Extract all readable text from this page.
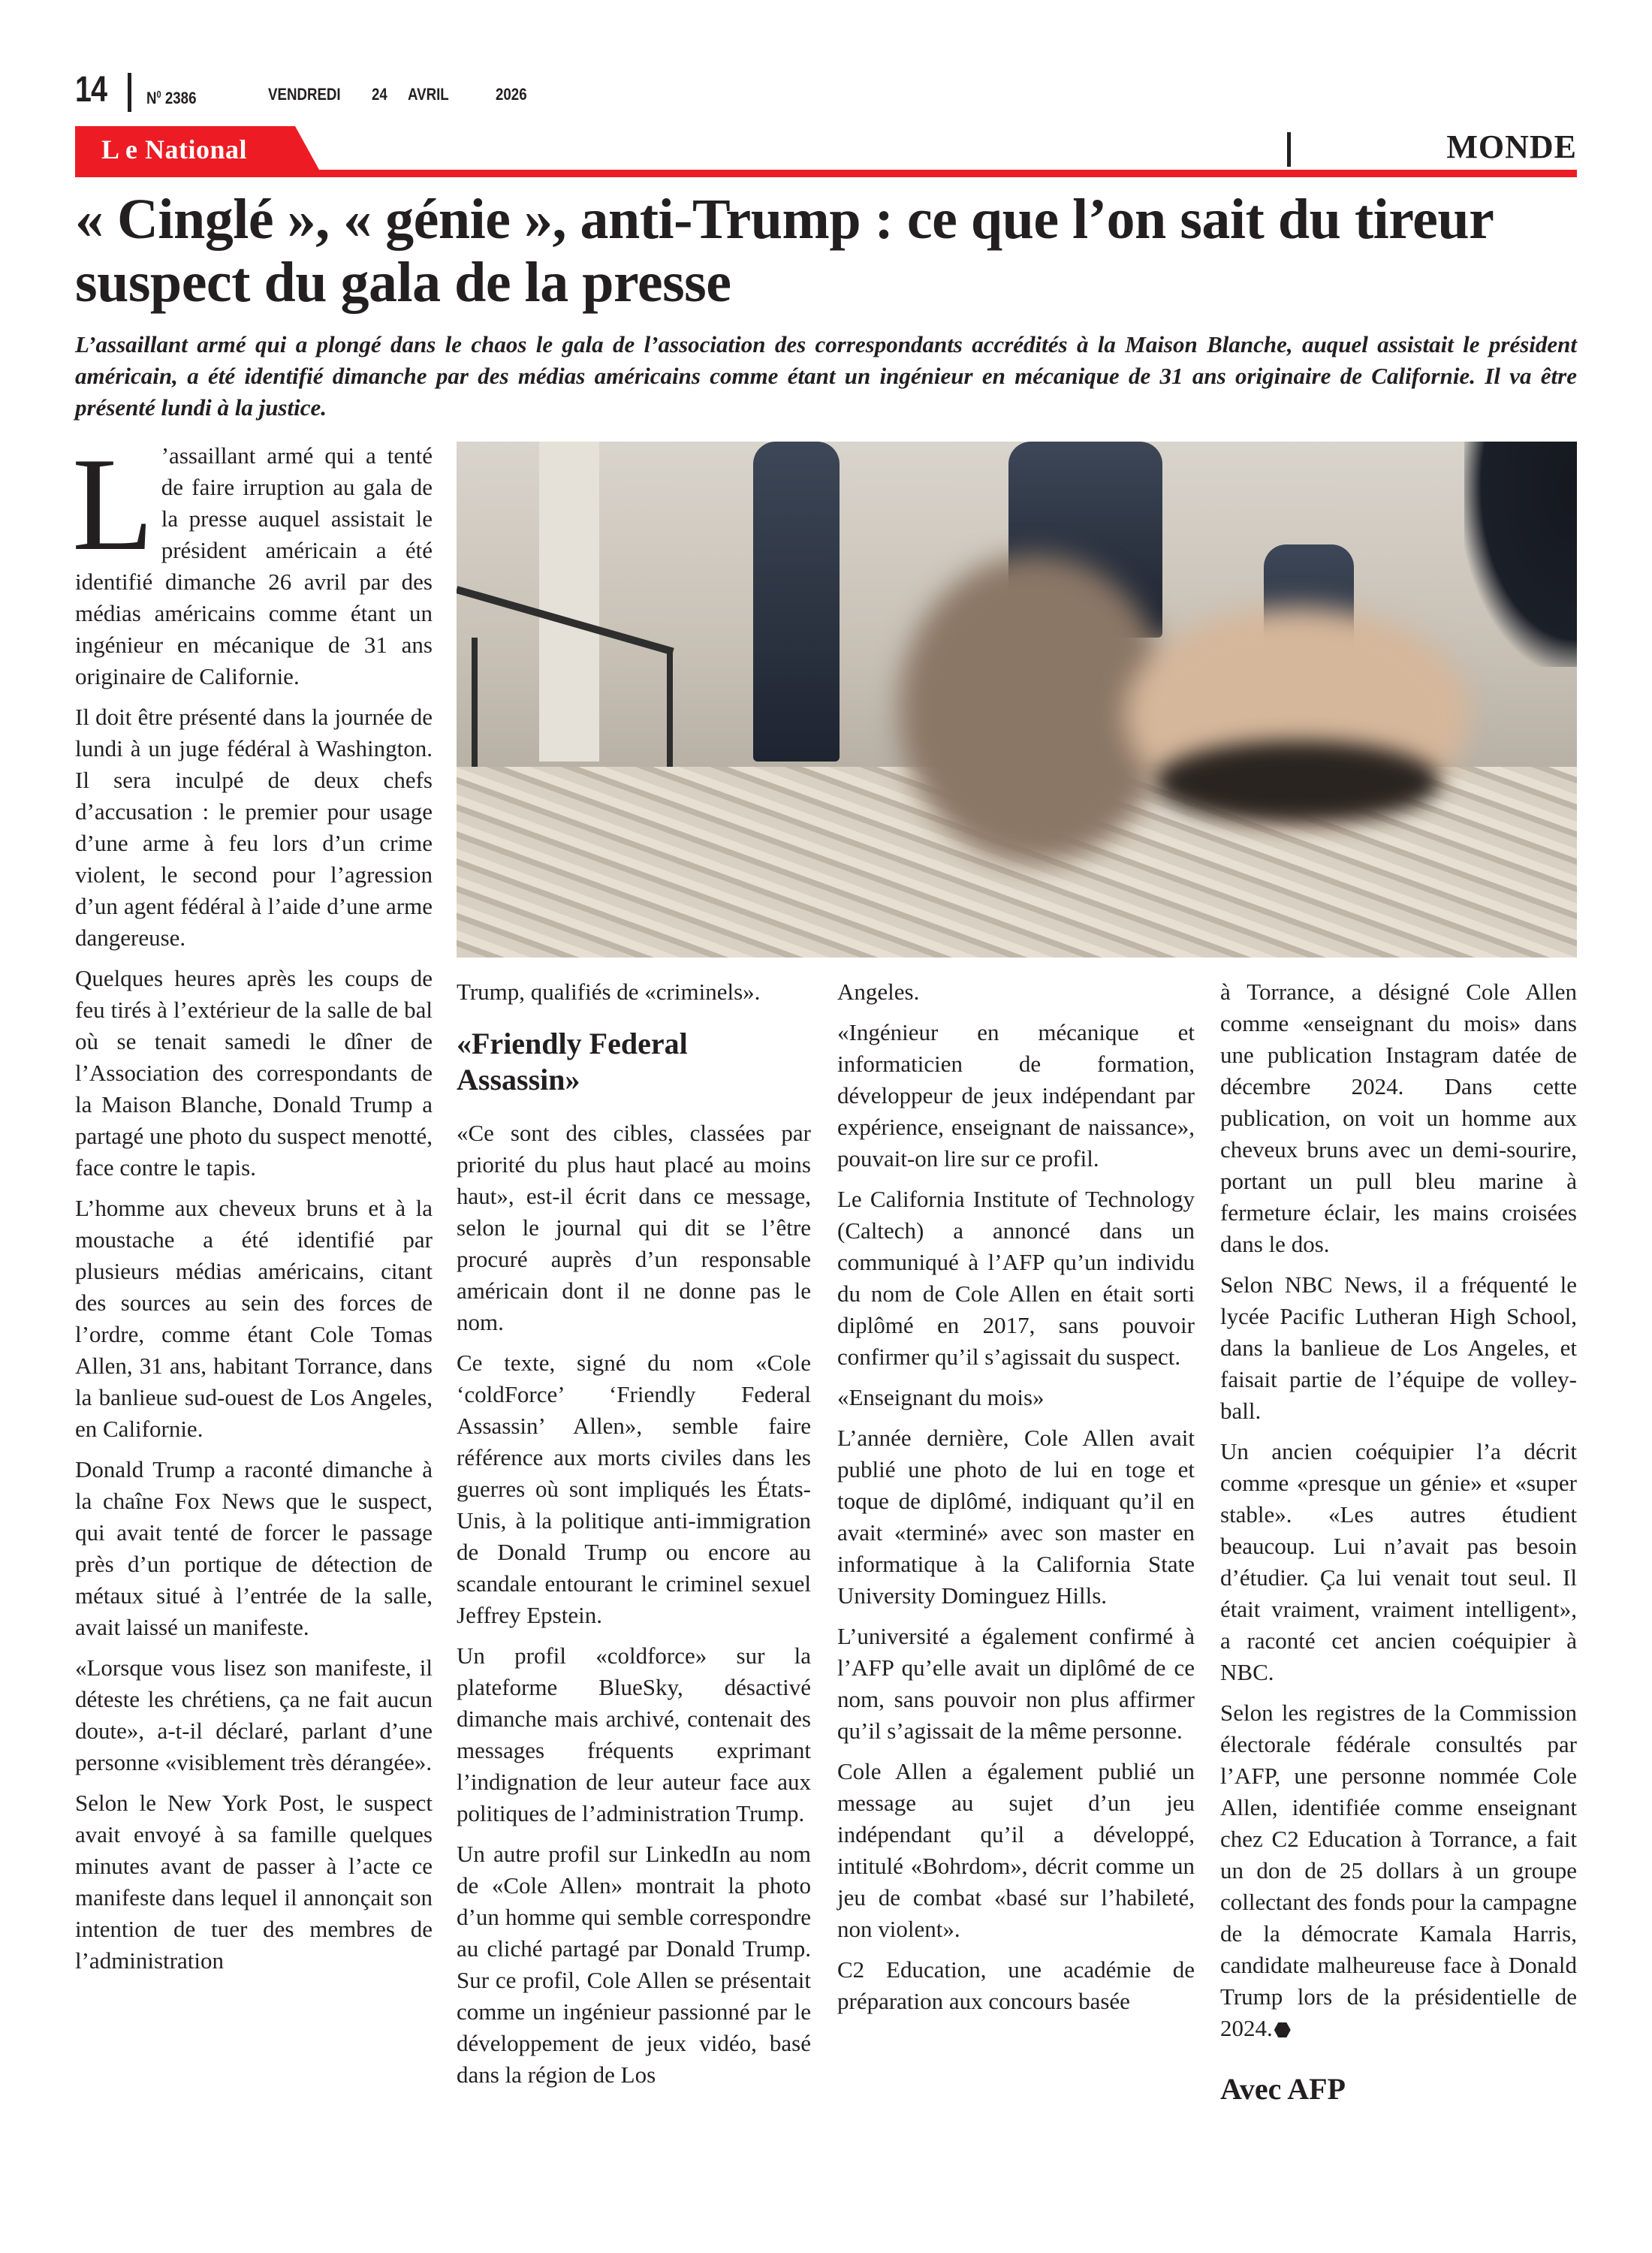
14 $N^0$ 2386	VENDREDI 24 AVRIL	2026
L e National	MONDE
« Cinglé », « génie », anti-Trump : ce que l’on sait du tireur suspect du gala de la presse

L’assaillant armé qui a plongé dans le chaos le gala de l’association des correspondants accrédités à la Maison Blanche, auquel assistait le président américain, a été identifié dimanche par des médias américains comme étant un ingénieur en mécanique de 31 ans originaire de Californie. Il va être présenté lundi à la justice.

L ’assaillant armé qui a tenté de faire irruption au gala de la presse auquel assistait le président américain a été identifié dimanche 26 avril par des médias américains comme étant un ingénieur en mécanique de 31 ans originaire de Californie.

Il doit être présenté dans la journée de lundi à un juge fédéral à Washington. Il sera inculpé de deux chefs d’accusation : le premier pour usage d’une arme à feu lors d’un crime violent, le second pour l’agression d’un agent fédéral à l’aide d’une arme dangereuse.

Quelques heures après les coups de feu tirés à l’extérieur de la salle de bal où se tenait samedi le dîner de l’Association des correspondants de la Maison Blanche, Donald Trump a partagé une photo du suspect menotté, face contre le tapis.

L’homme aux cheveux bruns et à la moustache a été identifié par plusieurs médias américains, citant des sources au sein des forces de l’ordre, comme étant Cole Tomas Allen, 31 ans, habitant Torrance, dans la banlieue sud-ouest de Los Angeles, en Californie.

Donald Trump a raconté dimanche à la chaîne Fox News que le suspect, qui avait tenté de forcer le passage près d’un portique de détection de métaux situé à l’entrée de la salle, avait laissé un manifeste.

«Lorsque vous lisez son manifeste, il déteste les chrétiens, ça ne fait aucun doute», a-t-il déclaré, parlant d’une personne «visiblement très dérangée».

Selon le New York Post, le suspect avait envoyé à sa famille quelques minutes avant de passer à l’acte ce manifeste dans lequel il annonçait son intention de tuer des membres de l’administration

Trump, qualifiés de «criminels».

«Friendly Federal Assassin»

«Ce sont des cibles, classées par priorité du plus haut placé au moins haut», est-il écrit dans ce message, selon le journal qui dit se l’être procuré auprès d’un responsable américain dont il ne donne pas le nom.

Ce texte, signé du nom «Cole ‘coldForce’ ‘Friendly Federal Assassin’ Allen», semble faire référence aux morts civiles dans les guerres où sont impliqués les États-Unis, à la politique anti-immigration de Donald Trump ou encore au scandale entourant le criminel sexuel Jeffrey Epstein.

Un profil «coldforce» sur la plateforme BlueSky, désactivé dimanche mais archivé, contenait des messages fréquents exprimant l’indignation de leur auteur face aux politiques de l’administration Trump.

Un autre profil sur LinkedIn au nom de «Cole Allen» montrait la photo d’un homme qui semble correspondre au cliché partagé par Donald Trump. Sur ce profil, Cole Allen se présentait comme un ingénieur passionné par le développement de jeux vidéo, basé dans la région de Los

Angeles.

«Ingénieur en mécanique et informaticien de formation, développeur de jeux indépendant par expérience, enseignant de naissance», pouvait-on lire sur ce profil.

Le California Institute of Technology (Caltech) a annoncé dans un communiqué à l’AFP qu’un individu du nom de Cole Allen en était sorti diplômé en 2017, sans pouvoir confirmer qu’il s’agissait du suspect.

«Enseignant du mois»

L’année dernière, Cole Allen avait publié une photo de lui en toge et toque de diplômé, indiquant qu’il en avait «terminé» avec son master en informatique à la California State University Dominguez Hills.

L’université a également confirmé à l’AFP qu’elle avait un diplômé de ce nom, sans pouvoir non plus affirmer qu’il s’agissait de la même personne.

Cole Allen a également publié un message au sujet d’un jeu indépendant qu’il a développé, intitulé «Bohrdom», décrit comme un jeu de combat «basé sur l’habileté, non violent».

C2 Education, une académie de préparation aux concours basée

à Torrance, a désigné Cole Allen comme «enseignant du mois» dans une publication Instagram datée de décembre 2024. Dans cette publication, on voit un homme aux cheveux bruns avec un demi-sourire, portant un pull bleu marine à fermeture éclair, les mains croisées dans le dos.

Selon NBC News, il a fréquenté le lycée Pacific Lutheran High School, dans la banlieue de Los Angeles, et faisait partie de l’équipe de volley-ball.

Un ancien coéquipier l’a décrit comme «presque un génie» et «super stable». «Les autres étudient beaucoup. Lui n’avait pas besoin d’étudier. Ça lui venait tout seul. Il était vraiment, vraiment intelligent», a raconté cet ancien coéquipier à NBC.

Selon les registres de la Commission électorale fédérale consultés par l’AFP, une personne nommée Cole Allen, identifiée comme enseignant chez C2 Education à Torrance, a fait un don de 25 dollars à un groupe collectant des fonds pour la campagne de la démocrate Kamala Harris, candidate malheureuse face à Donald Trump lors de la présidentielle de 2024.

Avec AFP
